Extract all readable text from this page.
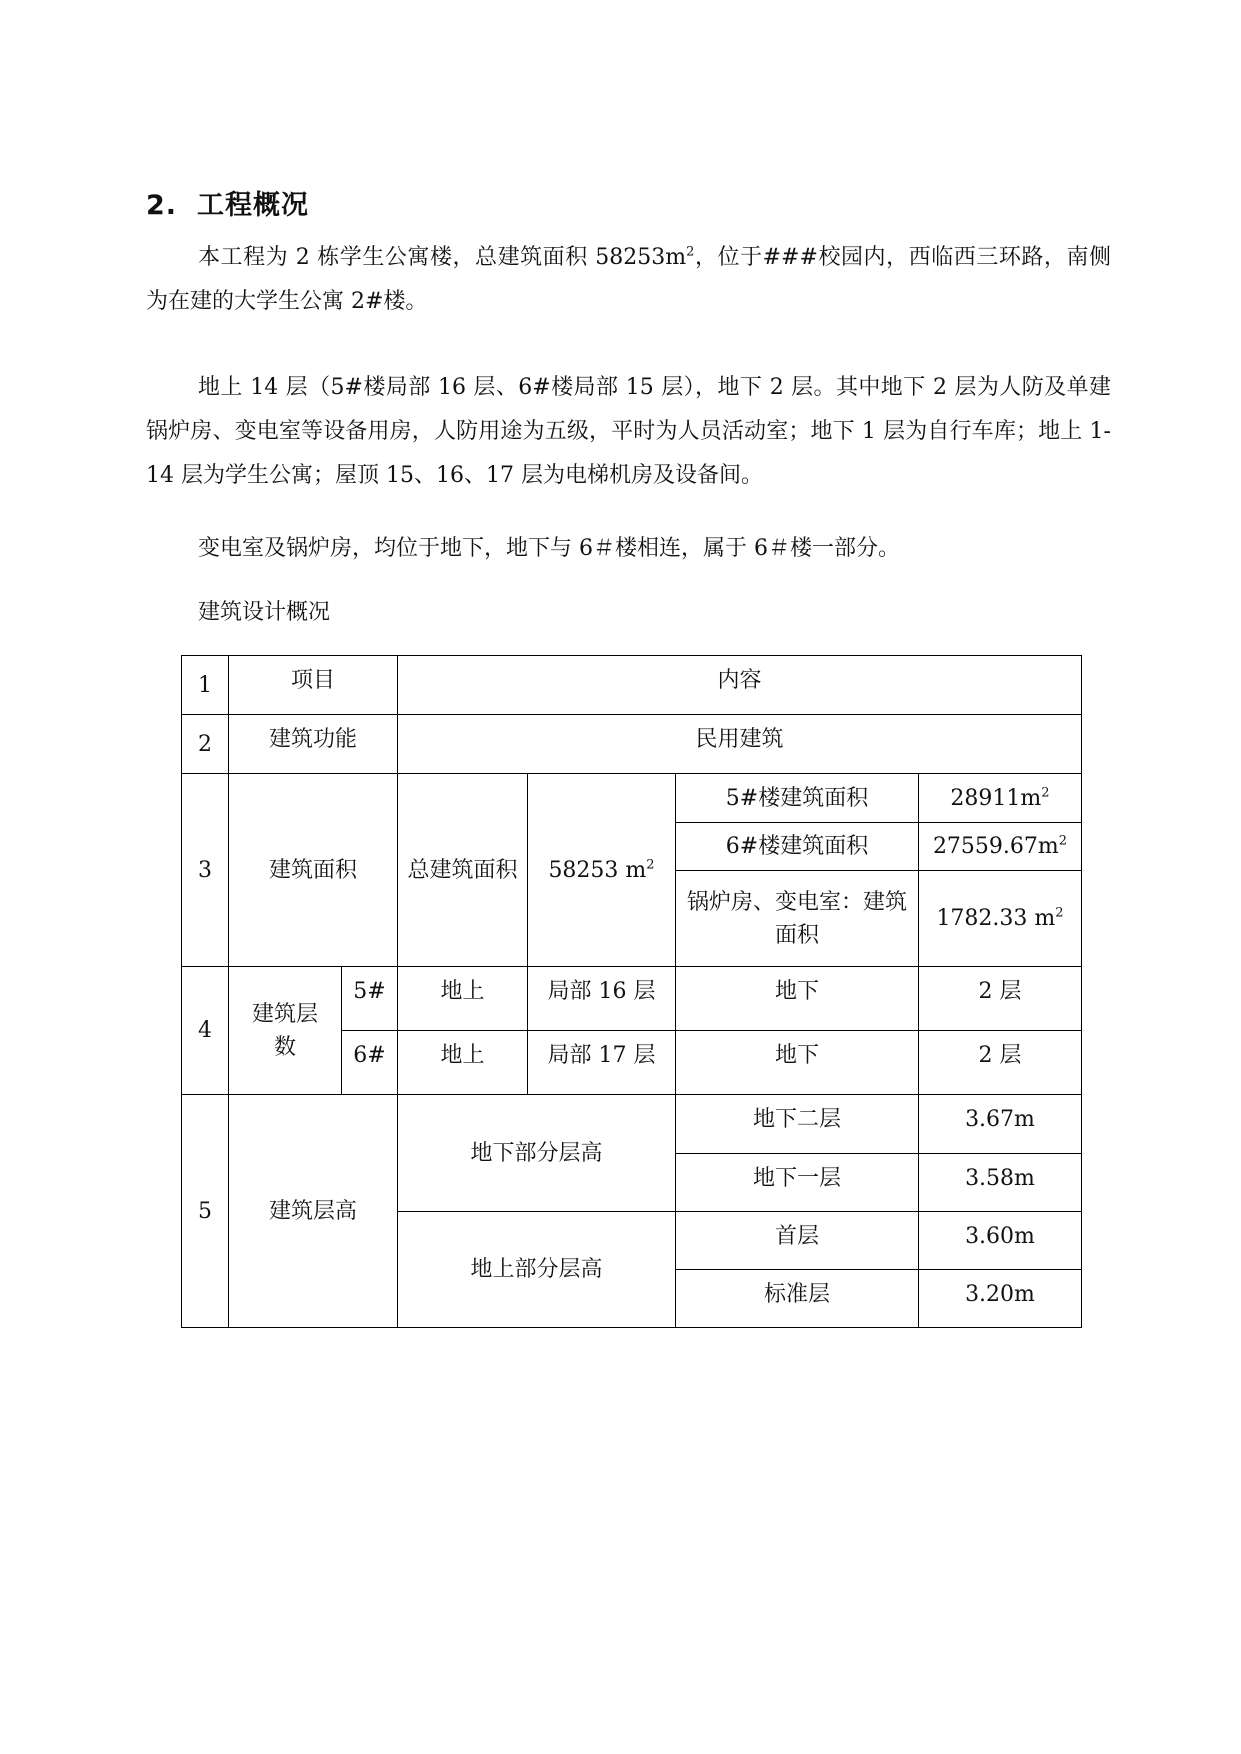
2. 工程概况

本工程为 2 栋学生公寓楼，总建筑面积 $58253m^2$，位于###校园内，西临西三环路，南侧为在建的大学生公寓 2#楼。

地上 14 层（5#楼局部 16 层、6#楼局部 15 层），地下 2 层。其中地下 2 层为人防及单建锅炉房、变电室等设备用房，人防用途为五级，平时为人员活动室；地下 1 层为自行车库；地上 1-14 层为学生公寓；屋顶 15、16、17 层为电梯机房及设备间。

变电室及锅炉房，均位于地下，地下与 6＃楼相连，属于 6＃楼一部分。

建筑设计概况
1	项目		内容			
2	建筑功能		民用建筑			
3	建筑面积		总建筑面积	58253 $m^2$	5#楼建筑面积	$28911m^2$
					6#楼建筑面积	$27559.67m^2$
					锅炉房、变电室：建筑面积	1782.33 $m^2$
4	建筑层数	5#	地上	局部 16 层	地下	2 层
		6#	地上	局部 17 层	地下	2 层
5	建筑层高		地下部分层高		地下二层	3.67m
					地下一层	3.58m
			地上部分层高		首层	3.60m
					标准层	3.20m
